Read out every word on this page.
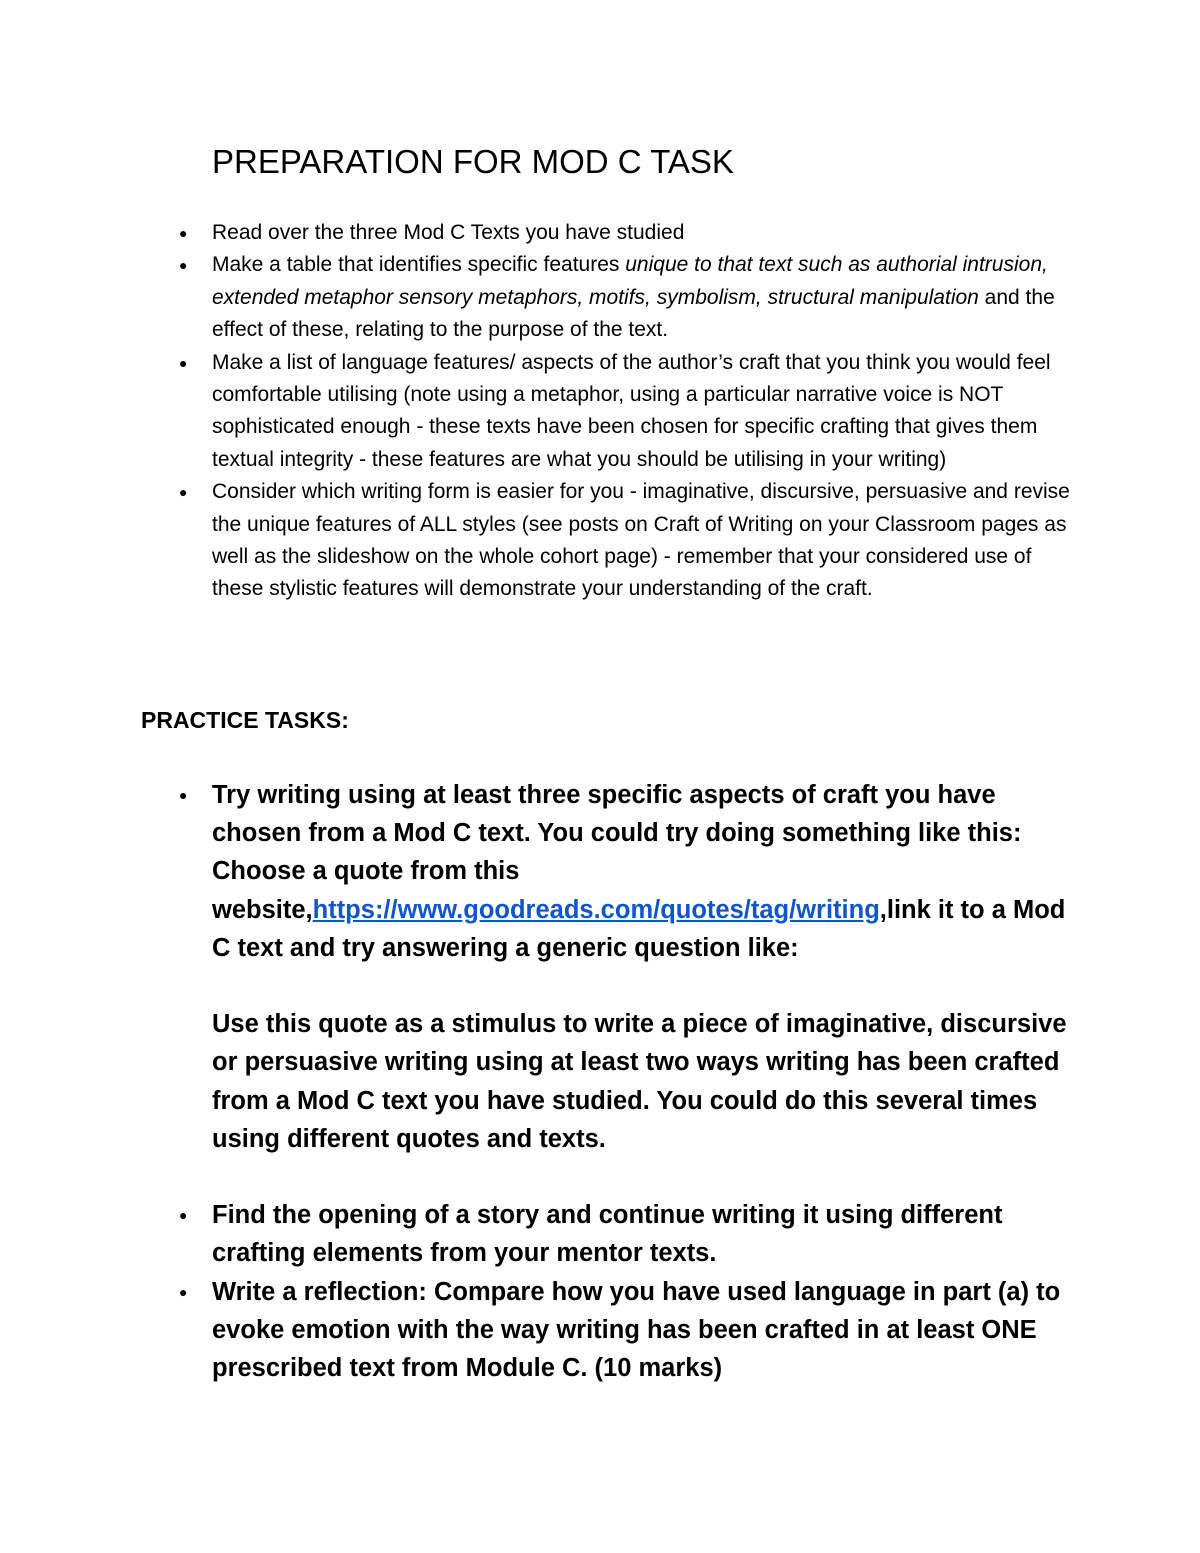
PREPARATION FOR MOD C TASK
● Read over the three Mod C Texts you have studied
● Make a table that identifies specific features unique to that text such as authorial intrusion, extended metaphor sensory metaphors, motifs, symbolism, structural manipulation and the effect of these, relating to the purpose of the text.
● Make a list of language features/ aspects of the author’s craft that you think you would feel comfortable utilising (note using a metaphor, using a particular narrative voice is NOT sophisticated enough - these texts have been chosen for specific crafting that gives them textual integrity - these features are what you should be utilising in your writing)
● Consider which writing form is easier for you - imaginative, discursive, persuasive and revise the unique features of ALL styles (see posts on Craft of Writing on your Classroom pages as well as the slideshow on the whole cohort page) - remember that your considered use of these stylistic features will demonstrate your understanding of the craft.
PRACTICE TASKS:
● Try writing using at least three specific aspects of craft you have chosen from a Mod C text. You could try doing something like this: Choose a quote from this website,https://www.goodreads.com/quotes/tag/writing,link it to a Mod C text and try answering a generic question like:
Use this quote as a stimulus to write a piece of imaginative, discursive or persuasive writing using at least two ways writing has been crafted from a Mod C text you have studied. You could do this several times using different quotes and texts.
● Find the opening of a story and continue writing it using different crafting elements from your mentor texts.
● Write a reflection: Compare how you have used language in part (a) to evoke emotion with the way writing has been crafted in at least ONE prescribed text from Module C. (10 marks)
